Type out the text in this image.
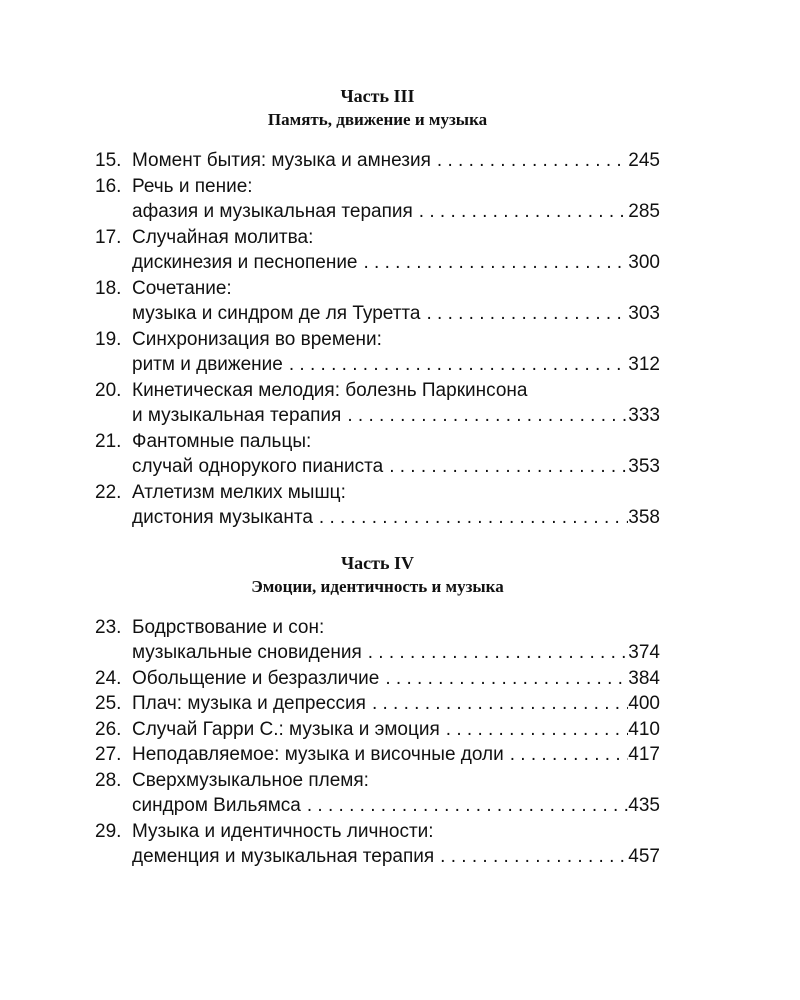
Часть III
Память, движение и музыка
15. Момент бытия: музыка и амнезия . . .	245
16. Речь и пение:
афазия и музыкальная терапия . . .	285
17. Случайная молитва:
дискинезия и песнопение . . .	300
18. Сочетание:
музыка и синдром де ля Туретта . . .	303
19. Синхронизация во времени:
ритм и движение . . .	312
20. Кинетическая мелодия: болезнь Паркинсона
и музыкальная терапия . . .	333
21. Фантомные пальцы:
случай однорукого пианиста . . .	353
22. Атлетизм мелких мышц:
дистония музыканта . . .	358
Часть IV
Эмоции, идентичность и музыка
23. Бодрствование и сон:
музыкальные сновидения . . .	374
24. Обольщение и безразличие . . .	384
25. Плач: музыка и депрессия . . .	400
26. Случай Гарри С.: музыка и эмоция . . .	410
27. Неподавляемое: музыка и височные доли . . .	417
28. Сверхмузыкальное племя:
синдром Вильямса . . .	435
29. Музыка и идентичность личности:
деменция и музыкальная терапия . . .	457
